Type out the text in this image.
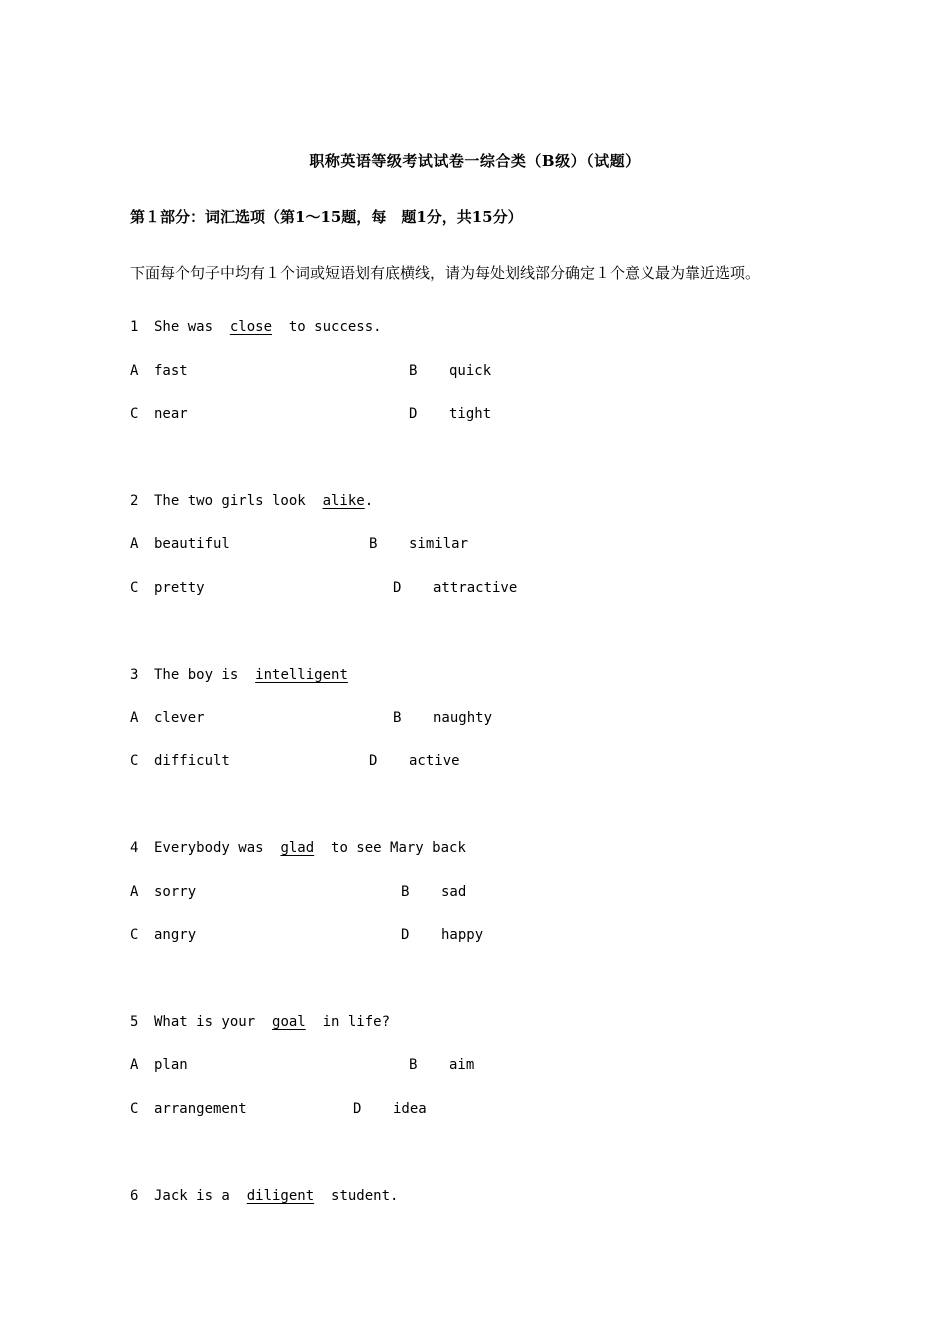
职称英语等级考试试卷一综合类（B级）（试题）
第１部分：词汇选项（第1～15题，每　题1分，共15分）
下面每个句子中均有１个词或短语划有底横线，请为每处划线部分确定１个意义最为靠近选项。
1 She was  close  to success.
A fast	B quick
C near	D tight
2 The two girls look  alike.
A beautiful	B similar
C pretty	D attractive
3 The boy is  intelligent
A clever	B naughty
C difficult	D active
4 Everybody was  glad  to see Mary back
A sorry	B sad
C angry	D happy
5 What is your  goal  in life?
A plan	B aim
C arrangement	D idea
6 Jack is a  diligent  student.
